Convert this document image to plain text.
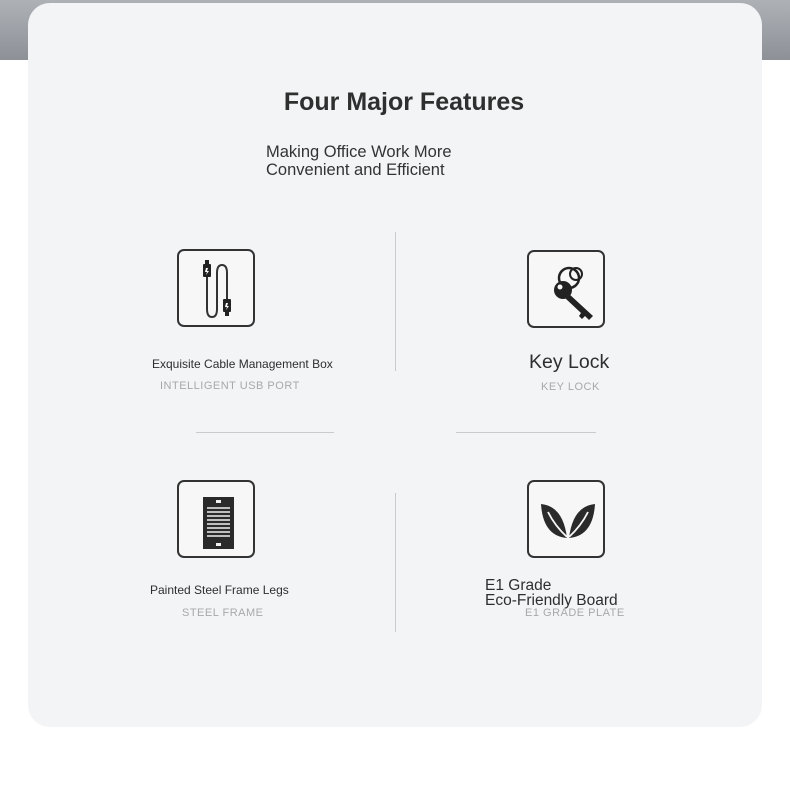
Four Major Features
Making Office Work More
Convenient and Efficient
Exquisite Cable Management Box
INTELLIGENT USB PORT
Key Lock
KEY LOCK
Painted Steel Frame Legs
STEEL FRAME
E1 Grade
Eco-Friendly Board
E1 GRADE PLATE
